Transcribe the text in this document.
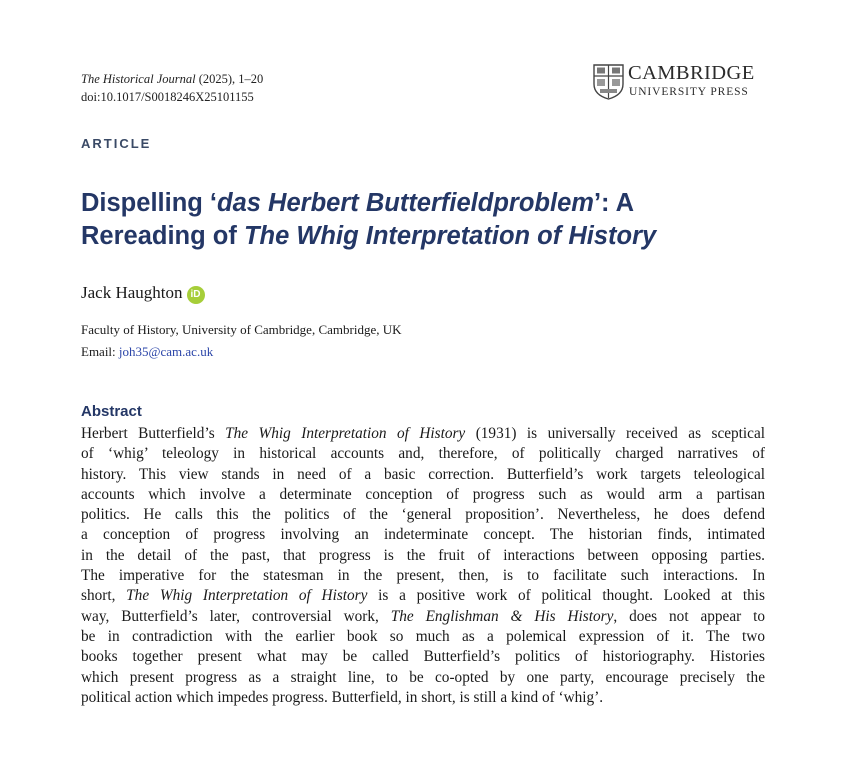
The Historical Journal (2025), 1–20
doi:10.1017/S0018246X25101155
CAMBRIDGE
UNIVERSITY PRESS
ARTICLE
Dispelling ‘das Herbert Butterfieldproblem’: A
Rereading of The Whig Interpretation of History
Jack Haughton iD
Faculty of History, University of Cambridge, Cambridge, UK
Email: joh35@cam.ac.uk
Abstract
Herbert Butterfield’s The Whig Interpretation of History (1931) is universally received as sceptical
of ‘whig’ teleology in historical accounts and, therefore, of politically charged narratives of
history. This view stands in need of a basic correction. Butterfield’s work targets teleological
accounts which involve a determinate conception of progress such as would arm a partisan
politics. He calls this the politics of the ‘general proposition’. Nevertheless, he does defend
a conception of progress involving an indeterminate concept. The historian finds, intimated
in the detail of the past, that progress is the fruit of interactions between opposing parties.
The imperative for the statesman in the present, then, is to facilitate such interactions. In
short, The Whig Interpretation of History is a positive work of political thought. Looked at this
way, Butterfield’s later, controversial work, The Englishman & His History, does not appear to
be in contradiction with the earlier book so much as a polemical expression of it. The two
books together present what may be called Butterfield’s politics of historiography. Histories
which present progress as a straight line, to be co-opted by one party, encourage precisely the
political action which impedes progress. Butterfield, in short, is still a kind of ‘whig’.
